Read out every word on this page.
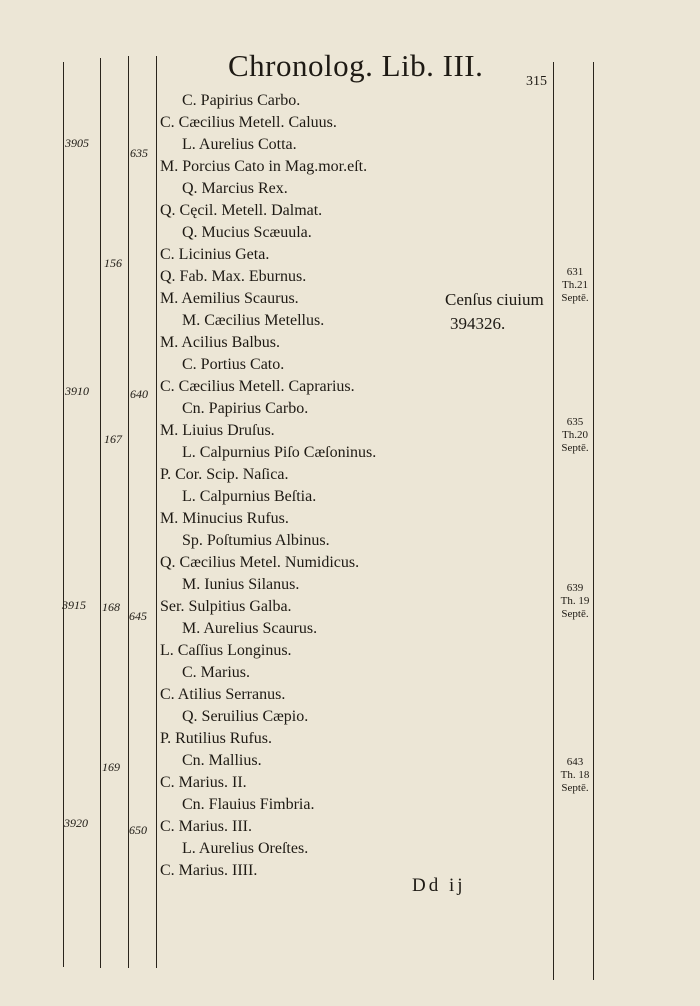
Chronolog. Lib. III.	315
3905
3910
3915
3920
156
167
168
169
635
640
645
650
C. Papirius Carbo.
C. Cæcilius Metell. Caluus.
L. Aurelius Cotta.
M. Porcius Cato in Mag.mor.eſt.
Q. Marcius Rex.
Q. Cęcil. Metell. Dalmat.
Q. Mucius Scæuula.
C. Licinius Geta.
Q. Fab. Max. Eburnus.
M. Aemilius Scaurus.
M. Cæcilius Metellus.
M. Acilius Balbus.
C. Portius Cato.
C. Cæcilius Metell. Caprarius.
Cn. Papirius Carbo.
M. Liuius Druſus.
L. Calpurnius Piſo Cæſoninus.
P. Cor. Scip. Naſica.
L. Calpurnius Beſtia.
M. Minucius Rufus.
Sp. Poſtumius Albinus.
Q. Cæcilius Metel. Numidicus.
M. Iunius Silanus.
Ser. Sulpitius Galba.
M. Aurelius Scaurus.
L. Caſſius Longinus.
C. Marius.
C. Atilius Serranus.
Q. Seruilius Cæpio.
P. Rutilius Rufus.
Cn. Mallius.
C. Marius. II.
Cn. Flauius Fimbria.
C. Marius. III.
L. Aurelius Oreſtes.
C. Marius. IIII.
Cenſus ciuium
394326.
631
Th.21
Septē.
635
Th.20
Septē.
639
Th. 19
Septē.
643
Th. 18
Septē.
Dd ij
